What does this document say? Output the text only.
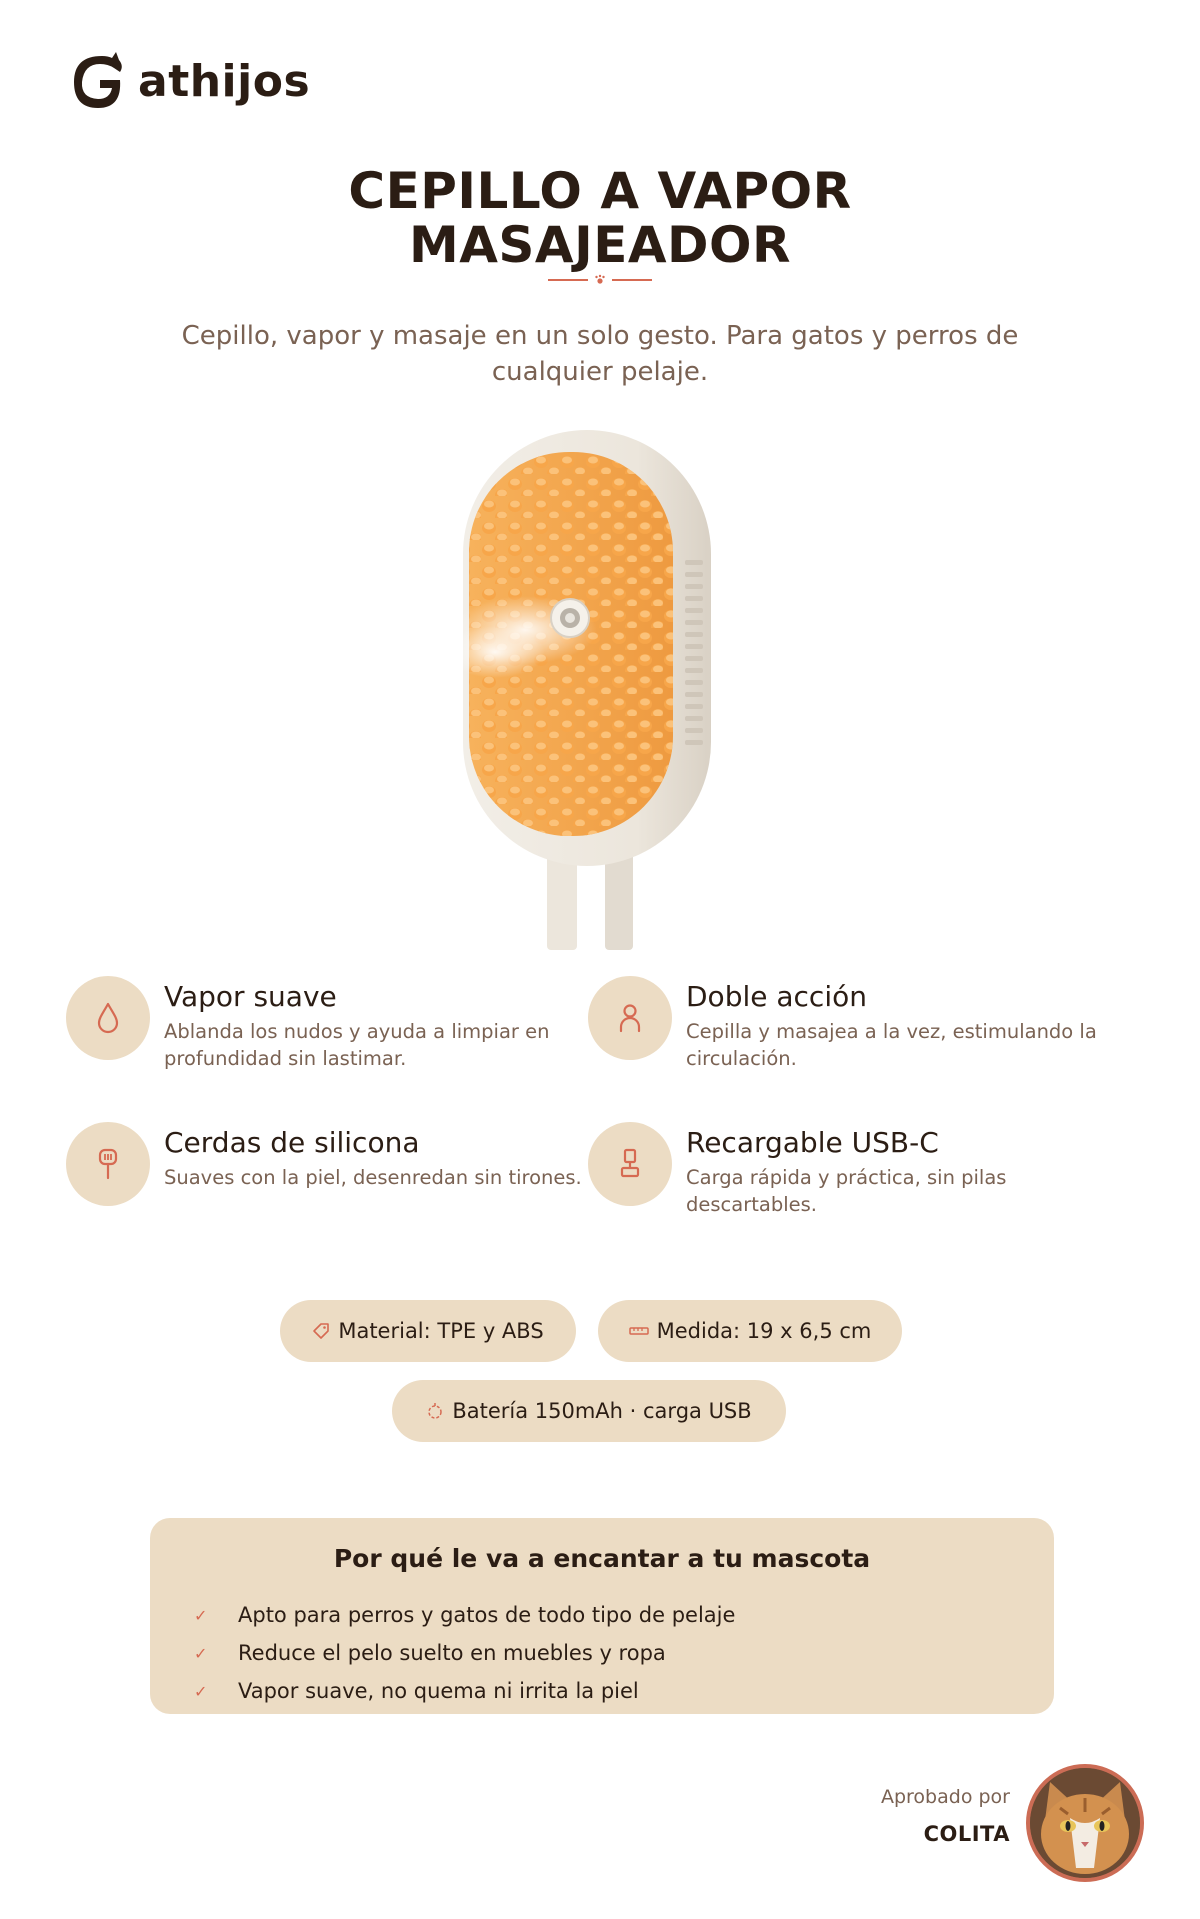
athijos
CEPILLO A VAPOR
MASAJEADOR
Cepillo, vapor y masaje en un solo gesto. Para gatos y perros de cualquier pelaje.
Vapor suave
Ablanda los nudos y ayuda a limpiar en profundidad sin lastimar.
Doble acción
Cepilla y masajea a la vez, estimulando la circulación.
Cerdas de silicona
Suaves con la piel, desenredan sin tirones.
Recargable USB-C
Carga rápida y práctica, sin pilas descartables.
Material: TPE y ABS	Medida: 19 x 6,5 cm
Batería 150mAh · carga USB
Por qué le va a encantar a tu mascota
✓	Apto para perros y gatos de todo tipo de pelaje
✓	Reduce el pelo suelto en muebles y ropa
✓	Vapor suave, no quema ni irrita la piel
Aprobado por
COLITA
